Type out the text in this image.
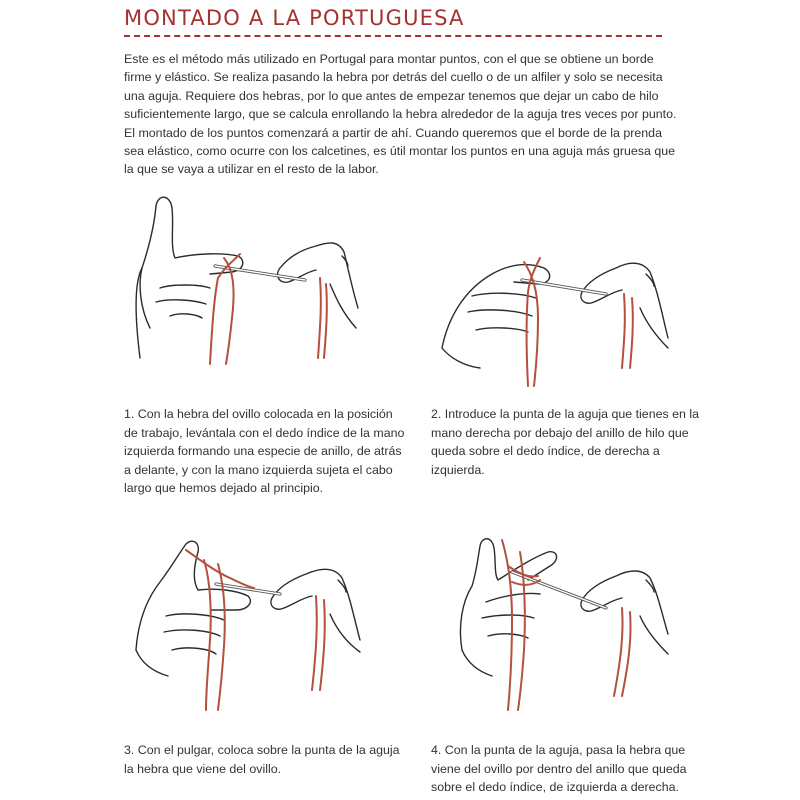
MONTADO A LA PORTUGUESA

Este es el método más utilizado en Portugal para montar puntos, con el que se obtiene un borde firme y elástico. Se realiza pasando la hebra por detrás del cuello o de un alfiler y solo se necesita una aguja. Requiere dos hebras, por lo que antes de empezar tenemos que dejar un cabo de hilo suficientemente largo, que se calcula enrollando la hebra alrededor de la aguja tres veces por punto. El montado de los puntos comenzará a partir de ahí. Cuando queremos que el borde de la prenda sea elástico, como ocurre con los calcetines, es útil montar los puntos en una aguja más gruesa que la que se vaya a utilizar en el resto de la labor.

1. Con la hebra del ovillo colocada en la posición de trabajo, levántala con el dedo índice de la mano izquierda formando una especie de anillo, de atrás a delante, y con la mano izquierda sujeta el cabo largo que hemos dejado al principio.

2. Introduce la punta de la aguja que tienes en la mano derecha por debajo del anillo de hilo que queda sobre el dedo índice, de derecha a izquierda.

3. Con el pulgar, coloca sobre la punta de la aguja la hebra que viene del ovillo.

4. Con la punta de la aguja, pasa la hebra que viene del ovillo por dentro del anillo que queda sobre el dedo índice, de izquierda a derecha.
